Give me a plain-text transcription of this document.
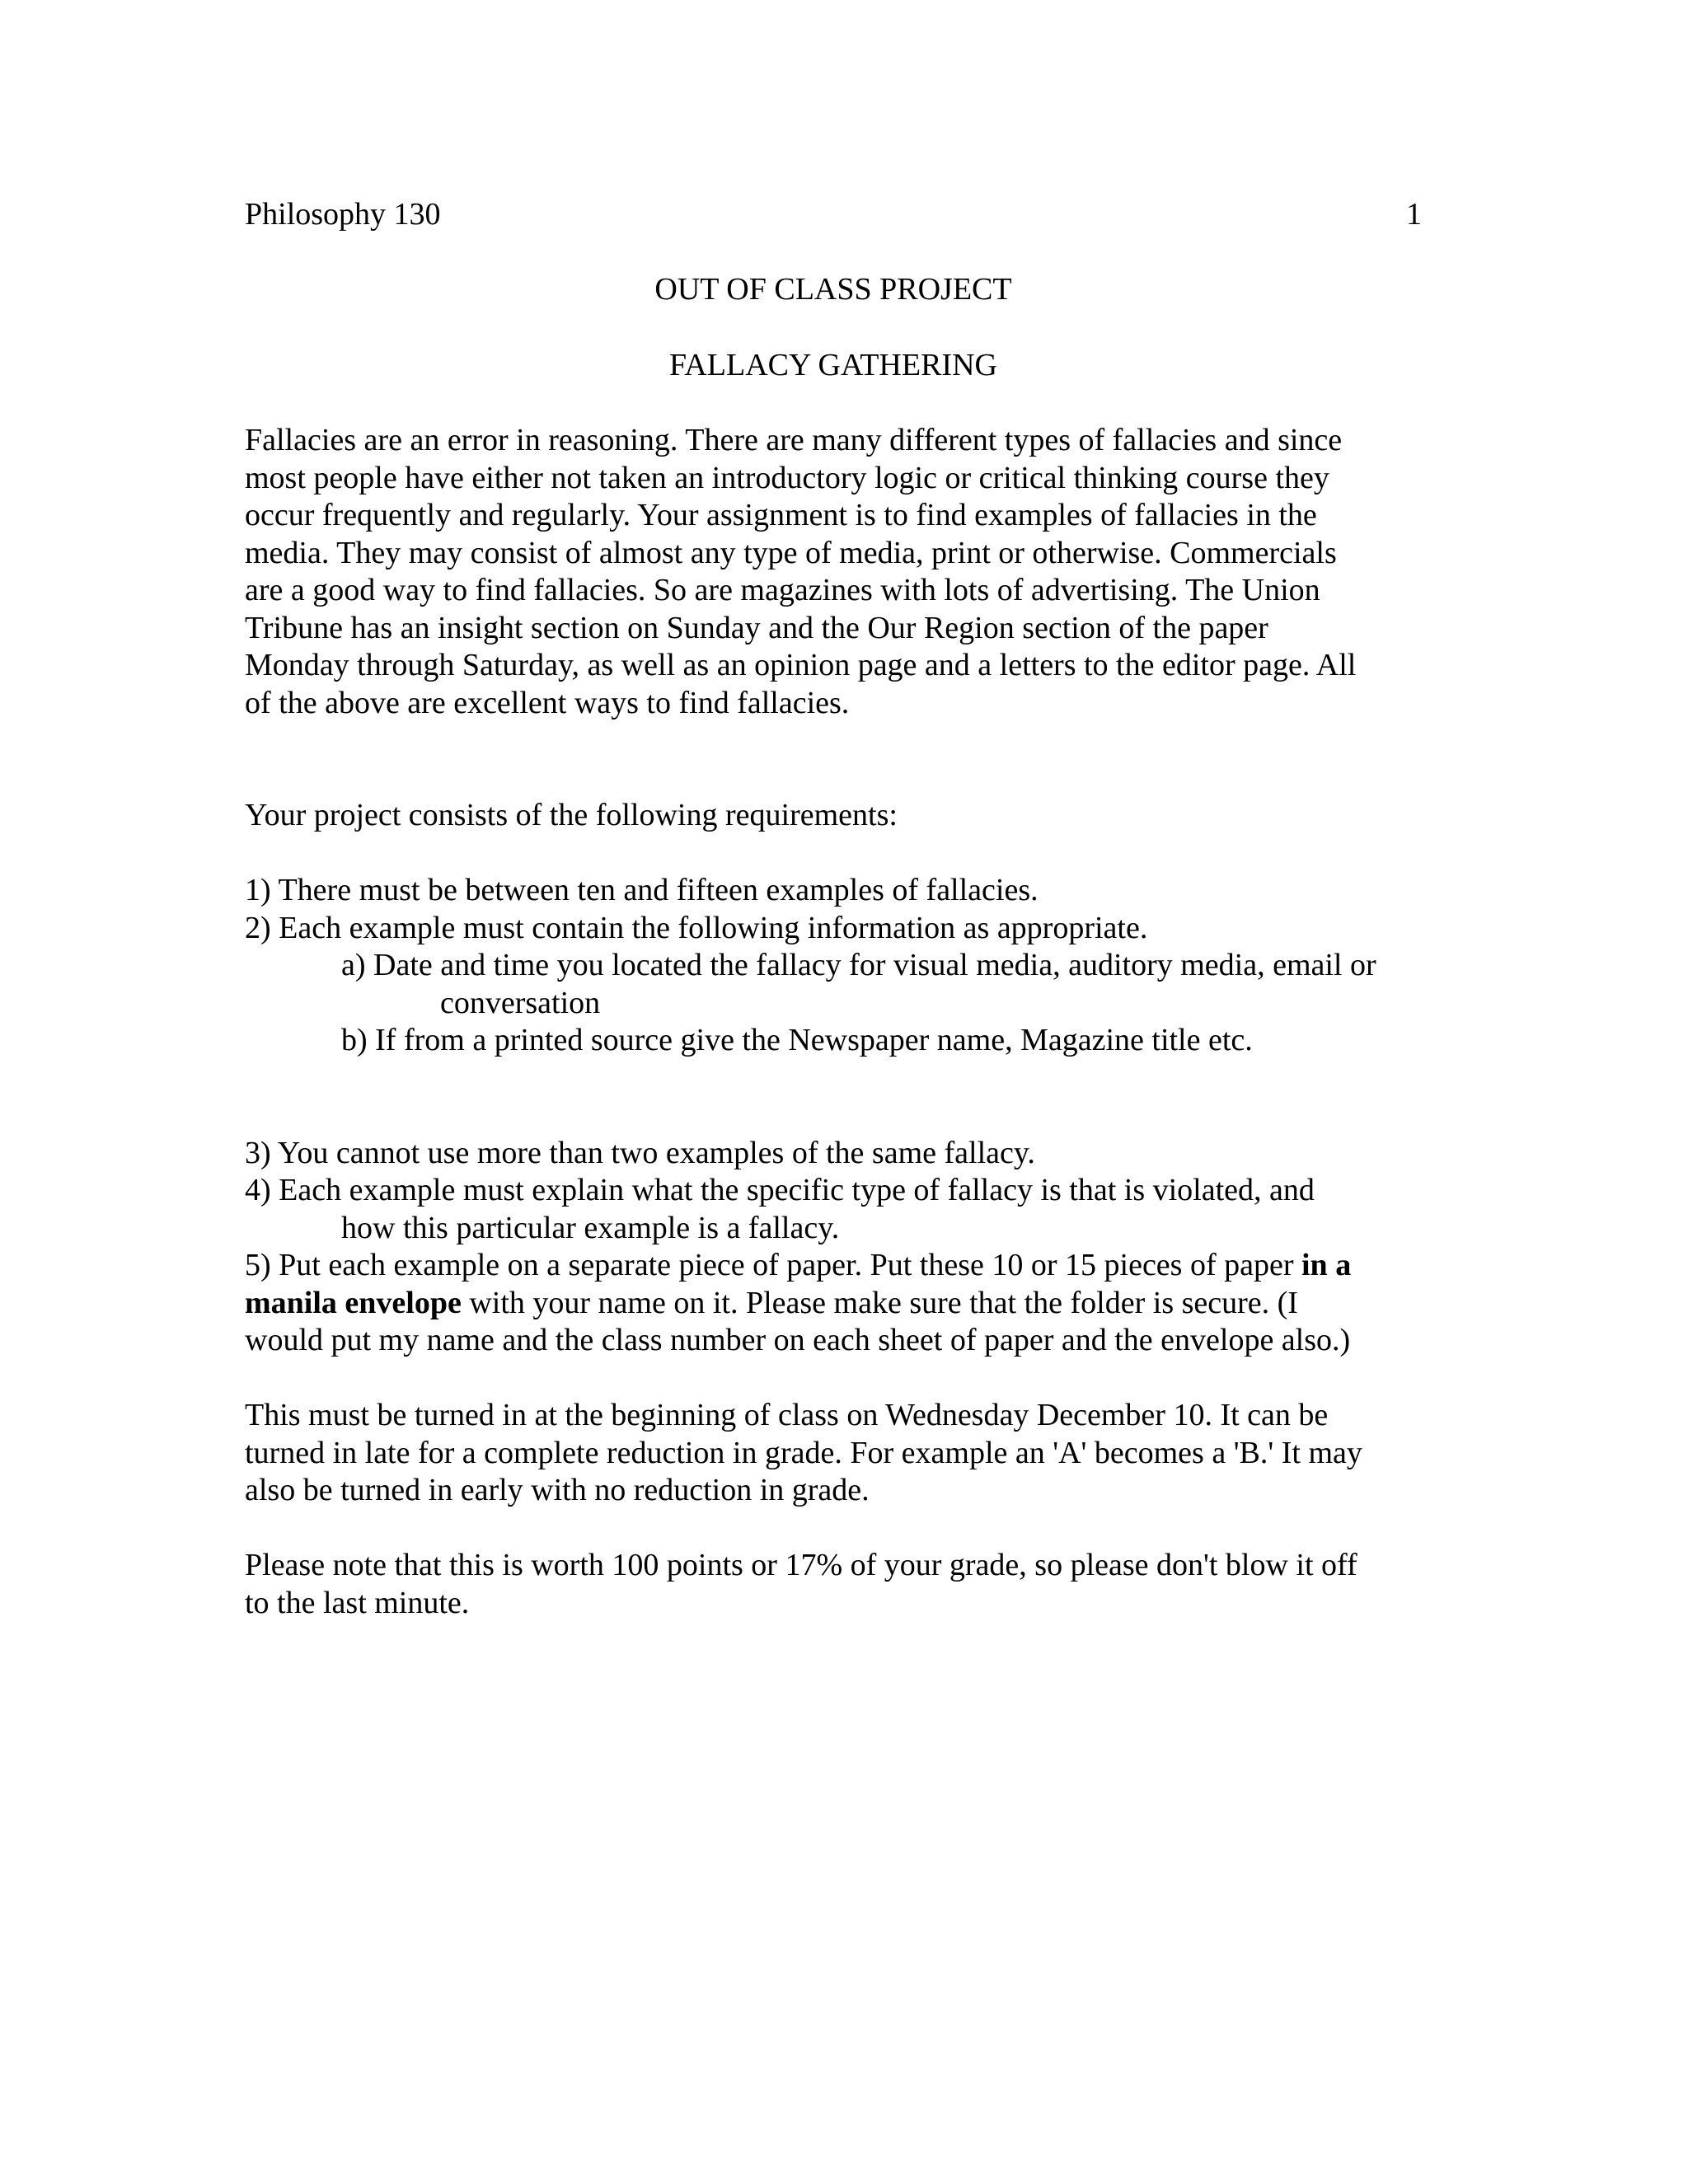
Philosophy 130	1
OUT OF CLASS PROJECT
FALLACY GATHERING
Fallacies are an error in reasoning. There are many different types of fallacies and since
most people have either not taken an introductory logic or critical thinking course they
occur frequently and regularly. Your assignment is to find examples of fallacies in the
media. They may consist of almost any type of media, print or otherwise. Commercials
are a good way to find fallacies. So are magazines with lots of advertising. The Union
Tribune has an insight section on Sunday and the Our Region section of the paper
Monday through Saturday, as well as an opinion page and a letters to the editor page. All
of the above are excellent ways to find fallacies.
Your project consists of the following requirements:
1) There must be between ten and fifteen examples of fallacies.
2) Each example must contain the following information as appropriate.
a) Date and time you located the fallacy for visual media, auditory media, email or
conversation
b) If from a printed source give the Newspaper name, Magazine title etc.
3) You cannot use more than two examples of the same fallacy.
4) Each example must explain what the specific type of fallacy is that is violated, and
how this particular example is a fallacy.
5) Put each example on a separate piece of paper. Put these 10 or 15 pieces of paper in a
manila envelope with your name on it. Please make sure that the folder is secure. (I
would put my name and the class number on each sheet of paper and the envelope also.)
This must be turned in at the beginning of class on Wednesday December 10. It can be
turned in late for a complete reduction in grade. For example an 'A' becomes a 'B.' It may
also be turned in early with no reduction in grade.
Please note that this is worth 100 points or 17% of your grade, so please don't blow it off
to the last minute.
